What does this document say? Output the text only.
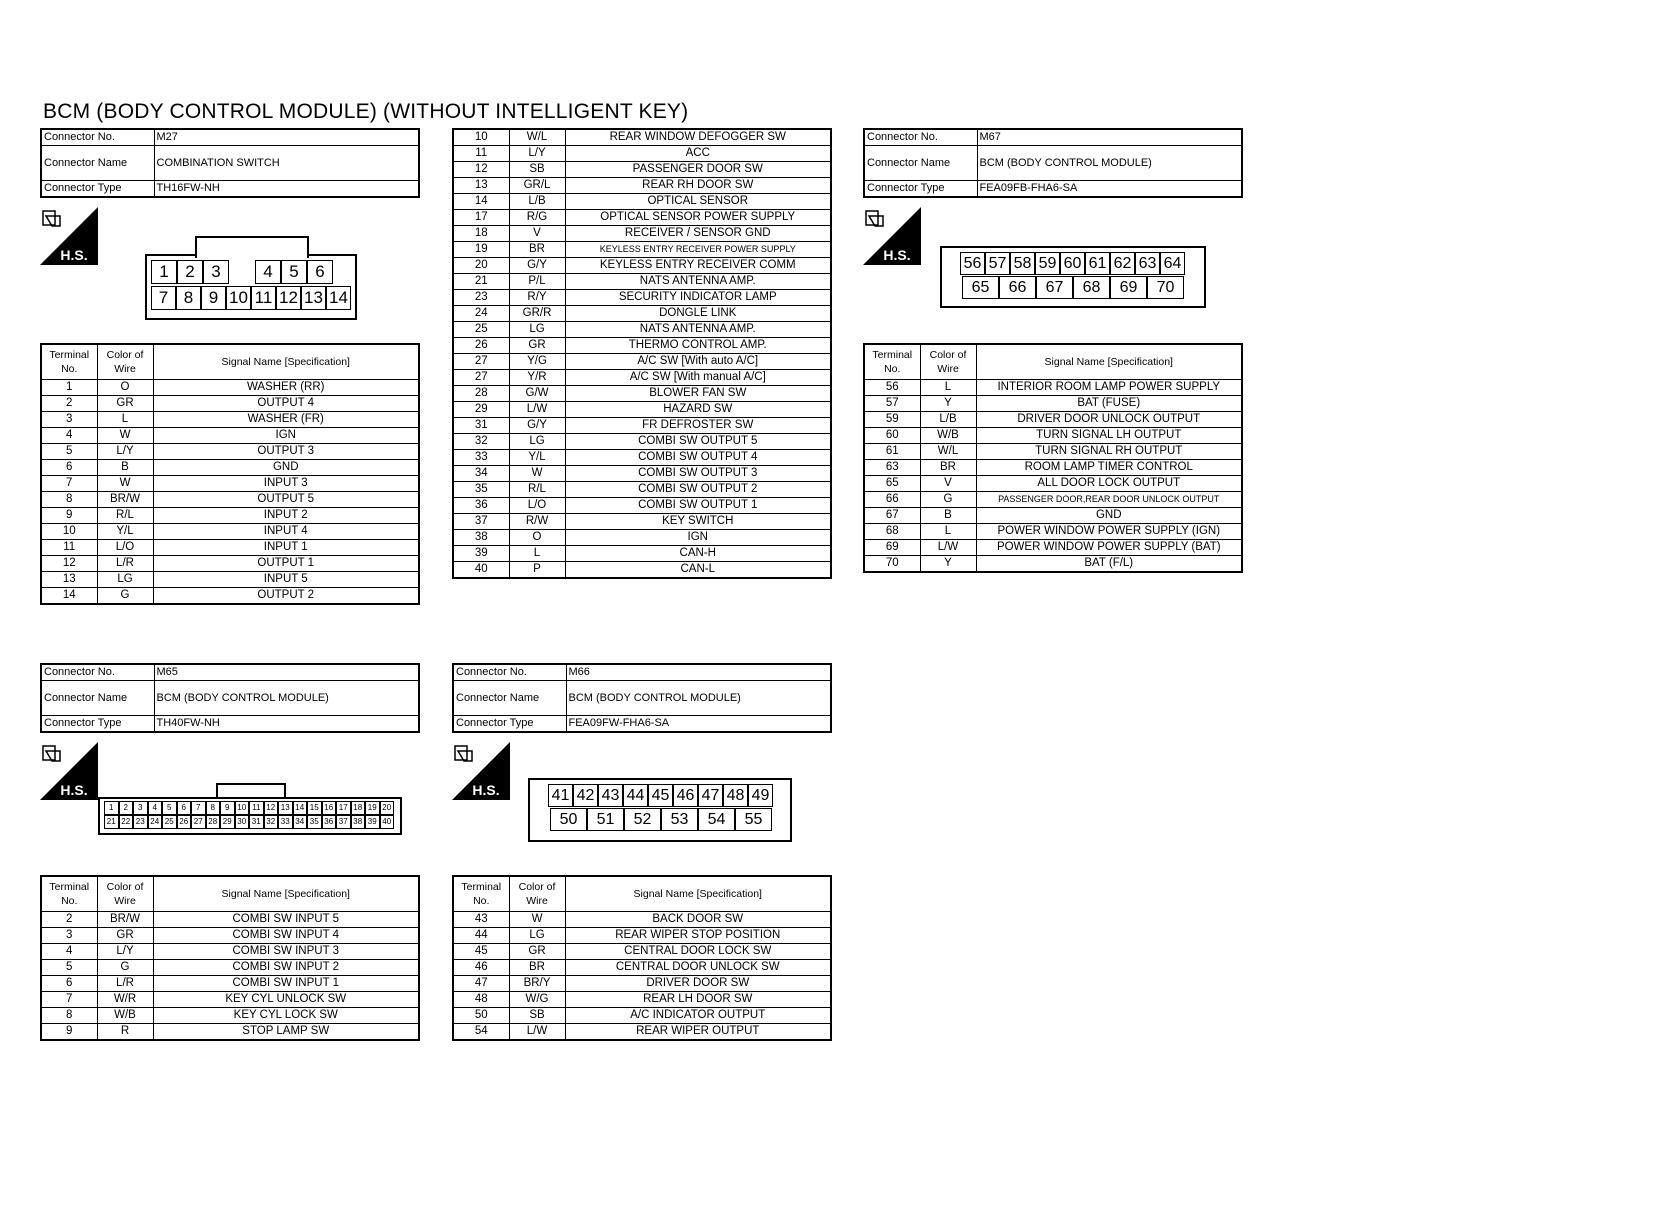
BCM (BODY CONTROL MODULE) (WITHOUT INTELLIGENT KEY)
Connector No.	M27
Connector Name	COMBINATION SWITCH
Connector Type	TH16FW-NH
H.S.
1 2 3	4 5 6
7 8 9 10 11 12 13 14
Terminal No.	Color of Wire	Signal Name [Specification]
1	O	WASHER (RR)
2	GR	OUTPUT 4
3	L	WASHER (FR)
4	W	IGN
5	L/Y	OUTPUT 3
6	B	GND
7	W	INPUT 3
8	BR/W	OUTPUT 5
9	R/L	INPUT 2
10	Y/L	INPUT 4
11	L/O	INPUT 1
12	L/R	OUTPUT 1
13	LG	INPUT 5
14	G	OUTPUT 2
10	W/L	REAR WINDOW DEFOGGER SW
11	L/Y	ACC
12	SB	PASSENGER DOOR SW
13	GR/L	REAR RH DOOR SW
14	L/B	OPTICAL SENSOR
17	R/G	OPTICAL SENSOR POWER SUPPLY
18	V	RECEIVER / SENSOR GND
19	BR	KEYLESS ENTRY RECEIVER POWER SUPPLY
20	G/Y	KEYLESS ENTRY RECEIVER COMM
21	P/L	NATS ANTENNA AMP.
23	R/Y	SECURITY INDICATOR LAMP
24	GR/R	DONGLE LINK
25	LG	NATS ANTENNA AMP.
26	GR	THERMO CONTROL AMP.
27	Y/G	A/C SW [With auto A/C]
27	Y/R	A/C SW [With manual A/C]
28	G/W	BLOWER FAN SW
29	L/W	HAZARD SW
31	G/Y	FR DEFROSTER SW
32	LG	COMBI SW OUTPUT 5
33	Y/L	COMBI SW OUTPUT 4
34	W	COMBI SW OUTPUT 3
35	R/L	COMBI SW OUTPUT 2
36	L/O	COMBI SW OUTPUT 1
37	R/W	KEY SWITCH
38	O	IGN
39	L	CAN-H
40	P	CAN-L
Connector No.	M67
Connector Name	BCM (BODY CONTROL MODULE)
Connector Type	FEA09FB-FHA6-SA
H.S.	56 57 58 59 60 61 62 63 64
65	66	67	68	69	70
Terminal No.	Color of Wire	Signal Name [Specification]
56	L	INTERIOR ROOM LAMP POWER SUPPLY
57	Y	BAT (FUSE)
59	L/B	DRIVER DOOR UNLOCK OUTPUT
60	W/B	TURN SIGNAL LH OUTPUT
61	W/L	TURN SIGNAL RH OUTPUT
63	BR	ROOM LAMP TIMER CONTROL
65	V	ALL DOOR LOCK OUTPUT
66	G	PASSENGER DOOR,REAR DOOR UNLOCK OUTPUT
67	B	GND
68	L	POWER WINDOW POWER SUPPLY (IGN)
69	L/W	POWER WINDOW POWER SUPPLY (BAT)
70	Y	BAT (F/L)
Connector No.	M65
Connector Name	BCM (BODY CONTROL MODULE)
Connector Type	TH40FW-NH
H.S.
1	2	3	4	5	6	7	8	9 10 11 12 13 14 15 16 17 18 19 20
21 22 23 24 25 26 27 28 29 30 31 32 33 34 35 36 37 38 39 40
Terminal No.	Color of Wire	Signal Name [Specification]
2	BR/W	COMBI SW INPUT 5
3	GR	COMBI SW INPUT 4
4	L/Y	COMBI SW INPUT 3
5	G	COMBI SW INPUT 2
6	L/R	COMBI SW INPUT 1
7	W/R	KEY CYL UNLOCK SW
8	W/B	KEY CYL LOCK SW
9	R	STOP LAMP SW
Connector No.	M66
Connector Name	BCM (BODY CONTROL MODULE)
Connector Type	FEA09FW-FHA6-SA
H.S.	41 42 43 44 45 46 47 48 49
50	51	52	53	54	55
Terminal No.	Color of Wire	Signal Name [Specification]
43	W	BACK DOOR SW
44	LG	REAR WIPER STOP POSITION
45	GR	CENTRAL DOOR LOCK SW
46	BR	CENTRAL DOOR UNLOCK SW
47	BR/Y	DRIVER DOOR SW
48	W/G	REAR LH DOOR SW
50	SB	A/C INDICATOR OUTPUT
54	L/W	REAR WIPER OUTPUT
